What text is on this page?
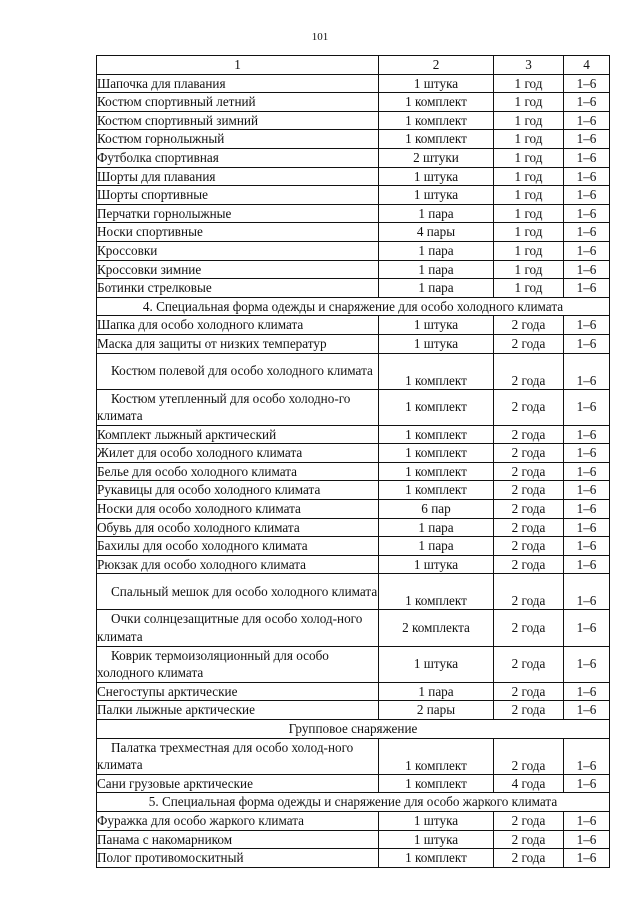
101
1	2	3	4
Шапочка для плавания	1 штука	1 год	1–6
Костюм спортивный летний	1 комплект	1 год	1–6
Костюм спортивный зимний	1 комплект	1 год	1–6
Костюм горнолыжный	1 комплект	1 год	1–6
Футболка спортивная	2 штуки	1 год	1–6
Шорты для плавания	1 штука	1 год	1–6
Шорты спортивные	1 штука	1 год	1–6
Перчатки горнолыжные	1 пара	1 год	1–6
Носки спортивные	4 пары	1 год	1–6
Кроссовки	1 пара	1 год	1–6
Кроссовки зимние	1 пара	1 год	1–6
Ботинки стрелковые	1 пара	1 год	1–6
4. Специальная форма одежды и снаряжение для особо холодного климата			
Шапка для особо холодного климата	1 штука	2 года	1–6
Маска для защиты от низких температур	1 штука	2 года	1–6
Костюм полевой для особо холодного климата	1 комплект	2 года	1–6
Костюм утепленный для особо холодно-го климата	1 комплект	2 года	1–6
Комплект лыжный арктический	1 комплект	2 года	1–6
Жилет для особо холодного климата	1 комплект	2 года	1–6
Белье для особо холодного климата	1 комплект	2 года	1–6
Рукавицы для особо холодного климата	1 комплект	2 года	1–6
Носки для особо холодного климата	6 пар	2 года	1–6
Обувь для особо холодного климата	1 пара	2 года	1–6
Бахилы для особо холодного климата	1 пара	2 года	1–6
Рюкзак для особо холодного климата	1 штука	2 года	1–6
Спальный мешок для особо холодного климата	1 комплект	2 года	1–6
Очки солнцезащитные для особо холод-ного климата	2 комплекта	2 года	1–6
Коврик термоизоляционный для особо холодного климата	1 штука	2 года	1–6
Снегоступы арктические	1 пара	2 года	1–6
Палки лыжные арктические	2 пары	2 года	1–6
Групповое снаряжение			
Палатка трехместная для особо холод-ного климата	1 комплект	2 года	1–6
Сани грузовые арктические	1 комплект	4 года	1–6
5. Специальная форма одежды и снаряжение для особо жаркого климата			
Фуражка для особо жаркого климата	1 штука	2 года	1–6
Панама с накомарником	1 штука	2 года	1–6
Полог противомоскитный	1 комплект	2 года	1–6
